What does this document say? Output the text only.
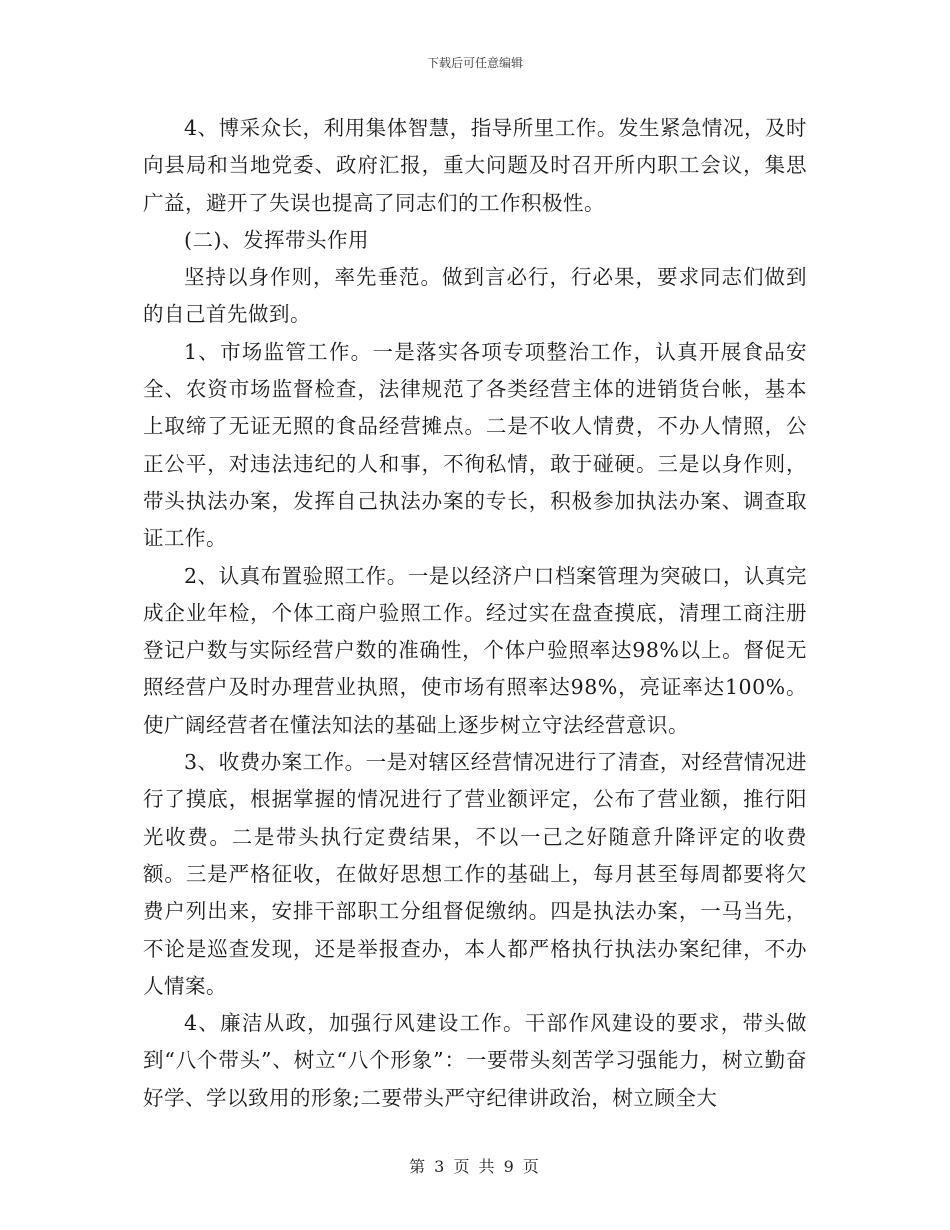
下载后可任意编辑

4、博采众长，利用集体智慧，指导所里工作。发生紧急情况，及时向县局和当地党委、政府汇报，重大问题及时召开所内职工会议，集思广益，避开了失误也提高了同志们的工作积极性。

(二)、发挥带头作用

坚持以身作则，率先垂范。做到言必行，行必果，要求同志们做到的自己首先做到。

1、市场监管工作。一是落实各项专项整治工作，认真开展食品安全、农资市场监督检查，法律规范了各类经营主体的进销货台帐，基本上取缔了无证无照的食品经营摊点。二是不收人情费，不办人情照，公正公平，对违法违纪的人和事，不徇私情，敢于碰硬。三是以身作则，带头执法办案，发挥自己执法办案的专长，积极参加执法办案、调查取证工作。

2、认真布置验照工作。一是以经济户口档案管理为突破口，认真完成企业年检，个体工商户验照工作。经过实在盘查摸底，清理工商注册登记户数与实际经营户数的准确性，个体户验照率达98%以上。督促无照经营户及时办理营业执照，使市场有照率达98%，亮证率达100%。使广阔经营者在懂法知法的基础上逐步树立守法经营意识。

3、收费办案工作。一是对辖区经营情况进行了清查，对经营情况进行了摸底，根据掌握的情况进行了营业额评定，公布了营业额，推行阳光收费。二是带头执行定费结果，不以一己之好随意升降评定的收费额。三是严格征收，在做好思想工作的基础上，每月甚至每周都要将欠费户列出来，安排干部职工分组督促缴纳。四是执法办案，一马当先，不论是巡查发现，还是举报查办，本人都严格执行执法办案纪律，不办人情案。

4、廉洁从政，加强行风建设工作。干部作风建设的要求，带头做到“八个带头”、树立“八个形象”：一要带头刻苦学习强能力，树立勤奋好学、学以致用的形象;二要带头严守纪律讲政治，树立顾全大

第 3 页 共 9 页
